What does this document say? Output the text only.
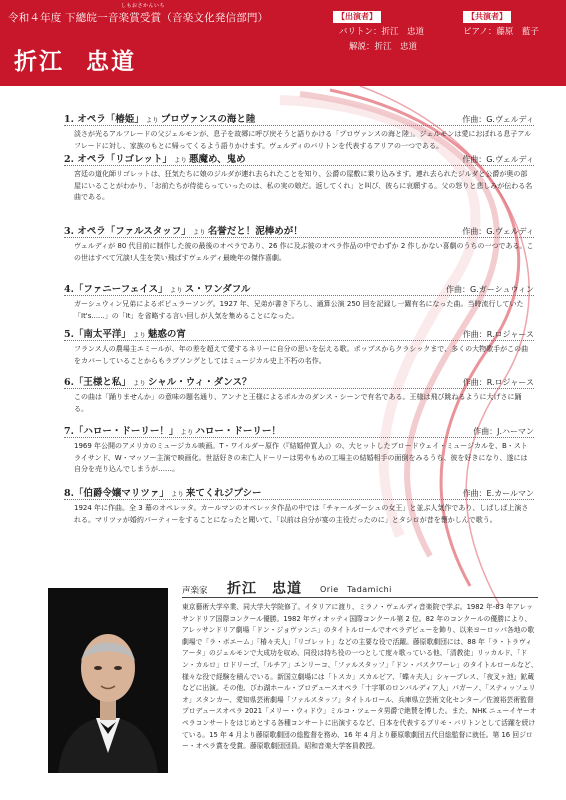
しもおさかんいち
令和４年度 下總皖一音楽賞受賞（音楽文化発信部門）
折江 忠道
【出演者】
バリトン：折江　忠道
解説：折江　忠道
【共演者】
ピアノ：藤原　藍子
1. オペラ「椿姫」 より プロヴァンスの海と陸	作曲：G.ヴェルディ
淡さが光るアルフレードの父ジェルモンが、息子を故郷に呼び戻そうと語りかける「プロヴァンスの海と陸」。ジェルモンは愛におぼれる息子アルフレードに対し、家族のもとに帰ってくるよう語りかけます。ヴェルディのバリトンを代表するアリアの一つである。
2. オペラ「リゴレット」 より 悪魔め、鬼め	作曲：G.ヴェルディ
宮廷の道化師リゴレットは、狂気たちに娘のジルダが連れ去られたことを知り、公爵の屋敷に乗り込みます。連れ去られたジルダと公爵が奥の部屋にいることがわかり、「お前たちが侍徒らっていったのは、私の実の娘だ。返してくれ」と叫び、彼らに哀願する。父の怒りと悲しみが伝わる名曲である。
3. オペラ「ファルスタッフ」 より 名誉だと！泥棒めが！	作曲：G.ヴェルディ
ヴェルディが 80 代目前に制作した彼の最後のオペラであり、26 作に及ぶ彼のオペラ作品の中でわずか 2 作しかない喜劇のうちの一つである。この世はすべて冗談!人生を笑い飛ばすヴェルディ最晩年の傑作喜劇。
4.「ファニーフェイス」 より ス・ワンダフル	作曲：G.ガーシュウィン
ガーシュウィン兄弟によるポピュラーソング。1927 年、兄弟が書き下ろし、通算公演 250 回を記録し一躍有名になった曲。当時流行していた「It's......」の「It」を省略する言い回しが人気を集めることになった。
5.「南太平洋」 より 魅惑の宵	作曲：R.ロジャース
フランス人の農場主エミールが、年の差を超えて愛するネリーに自分の思いを伝える歌。ポップスからクラシックまで、多くの大物歌手がこの曲をカバーしていることからもラブソングとしてはミュージカル史上不朽の名作。
6.「王様と私」 より シャル・ウィ・ダンス？	作曲：R.ロジャース
この曲は「踊りませんか」の意味の題名通り、アンナと王様によるポルカのダンス・シーンで有名である。王様は飛び跳ねるように大げさに踊る。
7.「ハロー・ドーリー！」 より ハロー・ドーリー！	作曲：J.ハーマン
1969 年公開のアメリカのミュージカル映画。T・ワイルダー原作（『結婚仲買人』）の、大ヒットしたブロードウェイ・ミュージカルを、B・ストライサンド、W・マッソー主演で映画化。世話好きの未亡人ドーリーは男やもめの工場主の結婚相手の面倒をみるうち、彼を好きになり、遂には自分を売り込んでしまうが……。
8.「伯爵令嬢マリツァ」 より 来てくれジプシー	作曲：E.カールマン
1924 年に作曲。全 3 幕のオペレッタ。カールマンのオペレッタ作品の中では「チャールダーシュの女王」と並ぶ人気作であり、しばしば上演される。マリツァが婚約パーティーをすることになったと聞いて、「以前は自分が宴の主役だったのに」とタシロが昔を懐かしんで歌う。
声楽家 折江　忠道 Orie　Tadamichi
東京藝術大学卒業、同大学大学院修了。イタリアに渡り、ミラノ・ヴェルディ音楽院で学ぶ。1982 年-83 年アレッサンドリア国際コンクール優勝。1982 年ヴィオッティ国際コンクール第 2 位。82 年のコンクールの優勝により、アレッサンドリア劇場「ドン・ジョヴァンニ」のタイトルロールでオペラデビューを飾り、以来ヨーロッパ各地の歌劇場で「ラ・ボエーム」「椿々夫人」「リゴレット」などの主要な役で活躍。藤原歌劇団には、88 年「ラ・トラヴィアータ」のジェルモンで大成功を収め、同役は持ち役の一つとして度々歌っている他、「清教徒」リッカルド、「ドン・カルロ」ロドリーゴ、「ルチア」エンリーコ、「ファルスタッフ」「ドン・パスクワーレ」のタイトルロールなど、様々な役で経験を積んでいる。新国立劇場には「トスカ」スカルピア、「蝶々夫人」シャープレス、「夜叉ヶ池」鉱蔵などに出演。その他、びわ湖ホール・プロデュースオペラ「十字軍のロンバルディア人」パガーノ、「スティッフェリオ」スタンカー、愛知県芸術劇場「ファルスタッフ」タイトルロール、兵庫県立芸術文化センター／佐渡裕芸術監督プロデュースオペラ 2021「メリー・ウィドウ」ミルコ・ツェータ男爵で絶賛を博した。また、NHK ニューイヤーオペラコンサートをはじめとする各種コンサートに出演するなど、日本を代表するプリモ・バリトンとして活躍を続けている。15 年 4 月より藤原歌劇団の総監督を務め、16 年 4 月より藤原歌劇団五代目総監督に就任。第 16 回ジロー・オペラ賞を受賞。藤原歌劇団団員。昭和音楽大学客員教授。
